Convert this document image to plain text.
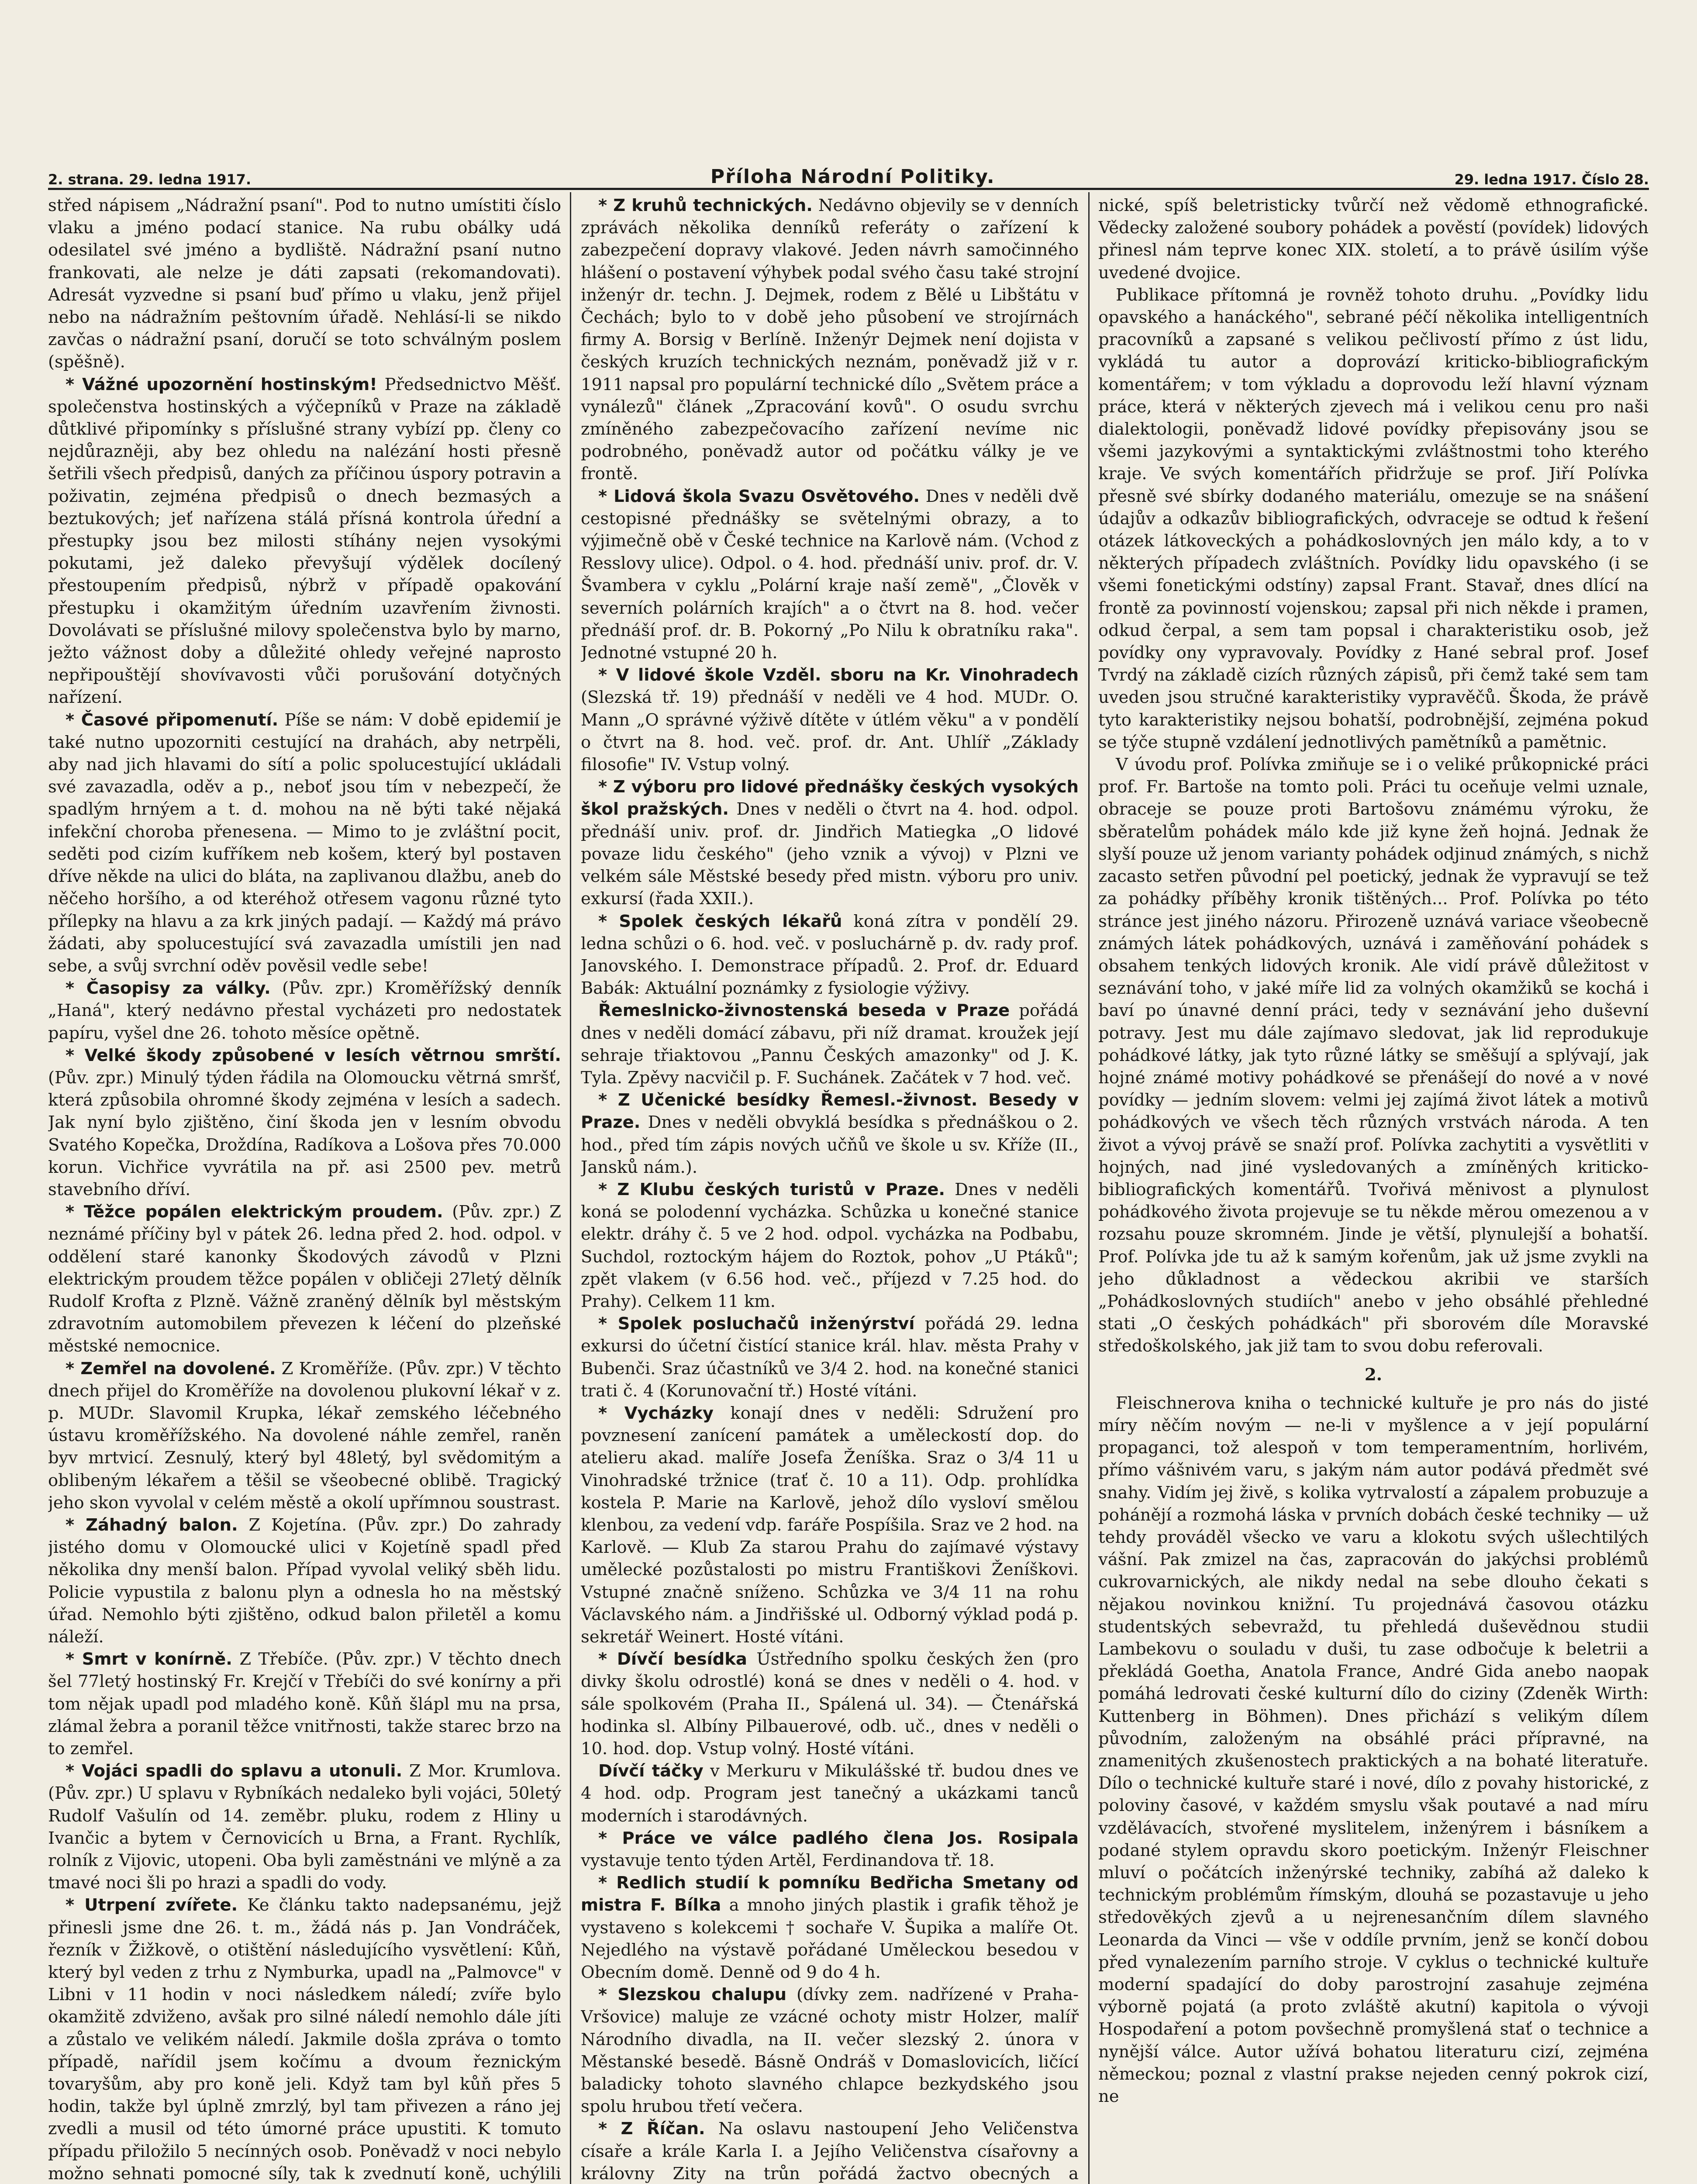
2. strana. 29. ledna 1917.	Příloha Národní Politiky.	29. ledna 1917. Číslo 28.

střed nápisem „Nádražní psaní". Pod to nutno umístiti číslo vlaku a jméno podací stanice. Na rubu obálky udá odesilatel své jméno a bydliště. Nádražní psaní nutno frankovati, ale nelze je dáti zapsati (rekomandovati). Adresát vyzvedne si psaní buď přímo u vlaku, jenž přijel nebo na nádražním peštovním úřadě. Nehlásí-li se nikdo zavčas o nádražní psaní, doručí se toto schválným poslem (spěšně).

* Vážné upozornění hostinským! Předsednictvo Měšť. společenstva hostinských a výčepníků v Praze na základě důtklivé připomínky s příslušné strany vybízí pp. členy co nejdůrazněji, aby bez ohledu na nalézání hosti přesně šetřili všech předpisů, daných za příčinou úspory potravin a poživatin, zejména předpisů o dnech bezmasých a beztukových; jeť nařízena stálá přísná kontrola úřední a přestupky jsou bez milosti stíhány nejen vysokými pokutami, jež daleko převyšují výdělek docílený přestoupením předpisů, nýbrž v případě opakování přestupku i okamžitým úředním uzavřením živnosti. Dovolávati se příslušné milovy společenstva bylo by marno, ježto vážnost doby a důležité ohledy veřejné naprosto nepřipouštějí shovívavosti vůči porušování dotyčných nařízení.

* Časové připomenutí. Píše se nám: V době epidemií je také nutno upozorniti cestující na drahách, aby netrpěli, aby nad jich hlavami do sítí a polic spolucestující ukládali své zavazadla, oděv a p., neboť jsou tím v nebezpečí, že spadlým hrnýem a t. d. mohou na ně býti také nějaká infekční choroba přenesena. — Mimo to je zvláštní pocit, seděti pod cizím kufříkem neb košem, který byl postaven dříve někde na ulici do bláta, na zaplivanou dlažbu, aneb do něčeho horšího, a od kteréhož otřesem vagonu různé tyto přílepky na hlavu a za krk jiných padají. — Každý má právo žádati, aby spolucestující svá zavazadla umístili jen nad sebe, a svůj svrchní oděv pověsil vedle sebe!

* Časopisy za války. (Pův. zpr.) Kroměřížský denník „Haná", který nedávno přestal vycházeti pro nedostatek papíru, vyšel dne 26. tohoto měsíce opětně.

* Velké škody způsobené v lesích větrnou smrští. (Pův. zpr.) Minulý týden řádila na Olomoucku větrná smršť, která způsobila ohromné škody zejména v lesích a sadech. Jak nyní bylo zjištěno, činí škoda jen v lesním obvodu Svatého Kopečka, Droždína, Radíkova a Lošova přes 70.000 korun. Vichřice vyvrátila na př. asi 2500 pev. metrů stavebního dříví.

* Těžce popálen elektrickým proudem. (Pův. zpr.) Z neznámé příčiny byl v pátek 26. ledna před 2. hod. odpol. v oddělení staré kanonky Škodových závodů v Plzni elektrickým proudem těžce popálen v obličeji 27letý dělník Rudolf Krofta z Plzně. Vážně zraněný dělník byl městským zdravotním automobilem převezen k léčení do plzeňské městské nemocnice.

* Zemřel na dovolené. Z Kroměříže. (Pův. zpr.) V těchto dnech přijel do Kroměříže na dovolenou plukovní lékař v z. p. MUDr. Slavomil Krupka, lékař zemského léčebného ústavu kroměřížského. Na dovolené náhle zemřel, raněn byv mrtvicí. Zesnulý, který byl 48letý, byl svědomitým a oblibeným lékařem a těšil se všeobecné oblibě. Tragický jeho skon vyvolal v celém městě a okolí upřímnou soustrast.

* Záhadný balon. Z Kojetína. (Pův. zpr.) Do zahrady jistého domu v Olomoucké ulici v Kojetíně spadl před několika dny menší balon. Případ vyvolal veliký sběh lidu. Policie vypustila z balonu plyn a odnesla ho na městský úřad. Nemohlo býti zjištěno, odkud balon přiletěl a komu náleží.

* Smrt v konírně. Z Třebíče. (Pův. zpr.) V těchto dnech šel 77letý hostinský Fr. Krejčí v Třebíči do své konírny a při tom nějak upadl pod mladého koně. Kůň šlápl mu na prsa, zlámal žebra a poranil těžce vnitřnosti, takže starec brzo na to zemřel.

* Vojáci spadli do splavu a utonuli. Z Mor. Krumlova. (Pův. zpr.) U splavu v Rybníkách nedaleko byli vojáci, 50letý Rudolf Vašulín od 14. zeměbr. pluku, rodem z Hliny u Ivančic a bytem v Černovicích u Brna, a Frant. Rychlík, rolník z Vijovic, utopeni. Oba byli zaměstnáni ve mlýně a za tmavé noci šli po hrazi a spadli do vody.

* Utrpení zvířete. Ke článku takto nadepsanému, jejž přinesli jsme dne 26. t. m., žádá nás p. Jan Vondráček, řezník v Žižkově, o otištění následujícího vysvětlení: Kůň, který byl veden z trhu z Nymburka, upadl na „Palmovce" v Libni v 11 hodin v noci následkem náledí; zvíře bylo okamžitě zdviženo, avšak pro silné náledí nemohlo dále jíti a zůstalo ve velikém náledí. Jakmile došla zpráva o tomto případě, nařídil jsem kočímu a dvoum řeznickým tovaryšům, aby pro koně jeli. Když tam byl kůň přes 5 hodin, takže byl úplně zmrzlý, byl tam přivezen a ráno jej zvedli a musil od této úmorné práce upustiti. K tomuto případu přiložilo 5 necínných osob. Poněvadž v noci nebylo možno sehnati pomocné síly, tak k zvednutí koně, uchýlili

* Z kruhů technických. Nedávno objevily se v denních zprávách několika denníků referáty o zařízení k zabezpečení dopravy vlakové. Jeden návrh samočinného hlášení o postavení výhybek podal svého času také strojní inženýr dr. techn. J. Dejmek, rodem z Bělé u Libštátu v Čechách; bylo to v době jeho působení ve strojírnách firmy A. Borsig v Berlíně. Inženýr Dejmek není dojista v českých kruzích technických neznám, poněvadž již v r. 1911 napsal pro populární technické dílo „Světem práce a vynálezů" článek „Zpracování kovů". O osudu svrchu zmíněného zabezpečovacího zařízení nevíme nic podrobného, poněvadž autor od počátku války je ve frontě.

* Lidová škola Svazu Osvětového. Dnes v neděli dvě cestopisné přednášky se světelnými obrazy, a to výjimečně obě v České technice na Karlově nám. (Vchod z Resslovy ulice). Odpol. o 4. hod. přednáší univ. prof. dr. V. Švambera v cyklu „Polární kraje naší země", „Člověk v severních polárních krajích" a o čtvrt na 8. hod. večer přednáší prof. dr. B. Pokorný „Po Nilu k obratníku raka". Jednotné vstupné 20 h.

* V lidové škole Vzděl. sboru na Kr. Vinohradech (Slezská tř. 19) přednáší v neděli ve 4 hod. MUDr. O. Mann „O správné výživě dítěte v útlém věku" a v pondělí o čtvrt na 8. hod. več. prof. dr. Ant. Uhlíř „Základy filosofie" IV. Vstup volný.

* Z výboru pro lidové přednášky českých vysokých škol pražských. Dnes v neděli o čtvrt na 4. hod. odpol. přednáší univ. prof. dr. Jindřich Matiegka „O lidové povaze lidu českého" (jeho vznik a vývoj) v Plzni ve velkém sále Městské besedy před mistn. výboru pro univ. exkursí (řada XXII.).

* Spolek českých lékařů koná zítra v pondělí 29. ledna schůzi o 6. hod. več. v posluchárně p. dv. rady prof. Janovského. I. Demonstrace případů. 2. Prof. dr. Eduard Babák: Aktuální poznámky z fysiologie výživy.

Řemeslnicko-živnostenská beseda v Praze pořádá dnes v neděli domácí zábavu, při níž dramat. kroužek její sehraje třiaktovou „Pannu Českých amazonky" od J. K. Tyla. Zpěvy nacvičil p. F. Suchánek. Začátek v 7 hod. več.

* Z Učenické besídky Řemesl.-živnost. Besedy v Praze. Dnes v neděli obvyklá besídka s přednáškou o 2. hod., před tím zápis nových učňů ve škole u sv. Kříže (II., Jansků nám.).

* Z Klubu českých turistů v Praze. Dnes v neděli koná se polodenní vycházka. Schůzka u konečné stanice elektr. dráhy č. 5 ve 2 hod. odpol. vycházka na Podbabu, Suchdol, roztockým hájem do Roztok, pohov „U Ptáků"; zpět vlakem (v 6.56 hod. več., příjezd v 7.25 hod. do Prahy). Celkem 11 km.

* Spolek posluchačů inženýrství pořádá 29. ledna exkursi do účetní čistící stanice král. hlav. města Prahy v Bubenči. Sraz účastníků ve 3/4 2. hod. na konečné stanici trati č. 4 (Korunovační tř.) Hosté vítáni.

* Vycházky konají dnes v neděli: Sdružení pro povznesení zanícení památek a uměleckostí dop. do atelieru akad. malíře Josefa Ženíška. Sraz o 3/4 11 u Vinohradské tržnice (trať č. 10 a 11). Odp. prohlídka kostela P. Marie na Karlově, jehož dílo vysloví smělou klenbou, za vedení vdp. faráře Pospíšila. Sraz ve 2 hod. na Karlově. — Klub Za starou Prahu do zajímavé výstavy umělecké pozůstalosti po mistru Františkovi Ženíškovi. Vstupné značně sníženo. Schůzka ve 3/4 11 na rohu Václavského nám. a Jindřišské ul. Odborný výklad podá p. sekretář Weinert. Hosté vítáni.

* Dívčí besídka Ústředního spolku českých žen (pro divky školu odrostlé) koná se dnes v neděli o 4. hod. v sále spolkovém (Praha II., Spálená ul. 34). — Čtenářská hodinka sl. Albíny Pilbauerové, odb. uč., dnes v neděli o 10. hod. dop. Vstup volný. Hosté vítáni.

Dívčí táčky v Merkuru v Mikulášské tř. budou dnes ve 4 hod. odp. Program jest tanečný a ukázkami tanců moderních i starodávných.

* Práce ve válce padlého člena Jos. Rosipala vystavuje tento týden Artěl, Ferdinandova tř. 18.

* Redlich studií k pomníku Bedřicha Smetany od mistra F. Bílka a mnoho jiných plastik i grafik těhož je vystaveno s kolekcemi † sochaře V. Šupika a malíře Ot. Nejedlého na výstavě pořádané Uměleckou besedou v Obecním domě. Denně od 9 do 4 h.

* Slezskou chalupu (dívky zem. nadřízené v Praha-Vršovice) maluje ze vzácné ochoty mistr Holzer, malíř Národního divadla, na II. večer slezský 2. února v Městanské besedě. Básně Ondráš v Domaslovicích, ličící baladicky tohoto slavného chlapce bezkydského jsou spolu hrubou třetí večera.

* Z Říčan. Na oslavu nastoupení Jeho Veličenstva císaře a krále Karla I. a Jejího Veličenstva císařovny a královny Zity na trůn pořádá žactvo obecných a

nické, spíš beletristicky tvůrčí než vědomě ethnografické. Vědecky založené soubory pohádek a pověstí (povídek) lidových přinesl nám teprve konec XIX. století, a to právě úsilím výše uvedené dvojice.

Publikace přítomná je rovněž tohoto druhu. „Povídky lidu opavského a hanáckého", sebrané péčí několika intelligentních pracovníků a zapsané s velikou pečlivostí přímo z úst lidu, vykládá tu autor a doprovází kriticko-bibliografickým komentářem; v tom výkladu a doprovodu leží hlavní význam práce, která v některých zjevech má i velikou cenu pro naši dialektologii, poněvadž lidové povídky přepisovány jsou se všemi jazykovými a syntaktickými zvláštnostmi toho kterého kraje. Ve svých komentářích přidržuje se prof. Jiří Polívka přesně své sbírky dodaného materiálu, omezuje se na snášení údajův a odkazův bibliografických, odvraceje se odtud k řešení otázek látkoveckých a pohádkoslovných jen málo kdy, a to v některých případech zvláštních. Povídky lidu opavského (i se všemi fonetickými odstíny) zapsal Frant. Stavař, dnes dlící na frontě za povinností vojenskou; zapsal při nich někde i pramen, odkud čerpal, a sem tam popsal i charakteristiku osob, jež povídky ony vypravovaly. Povídky z Hané sebral prof. Josef Tvrdý na základě cizích různých zápisů, při čemž také sem tam uveden jsou stručné karakteristiky vypravěčů. Škoda, že právě tyto karakteristiky nejsou bohatší, podrobnější, zejména pokud se týče stupně vzdálení jednotlivých pamětníků a pamětnic.

V úvodu prof. Polívka zmiňuje se i o veliké průkopnické práci prof. Fr. Bartoše na tomto poli. Práci tu oceňuje velmi uznale, obraceje se pouze proti Bartošovu známému výroku, že sběratelům pohádek málo kde již kyne žeň hojná. Jednak že slyší pouze už jenom varianty pohádek odjinud známých, s nichž zacasto setřen původní pel poetický, jednak že vypravují se tež za pohádky příběhy kronik tištěných... Prof. Polívka po této stránce jest jiného názoru. Přirozeně uznává variace všeobecně známých látek pohádkových, uznává i zaměňování pohádek s obsahem tenkých lidových kronik. Ale vidí právě důležitost v seznávání toho, v jaké míře lid za volných okamžiků se kochá i baví po únavné denní práci, tedy v seznávání jeho duševní potravy. Jest mu dále zajímavo sledovat, jak lid reprodukuje pohádkové látky, jak tyto různé látky se směšují a splývají, jak hojné známé motivy pohádkové se přenášejí do nové a v nové povídky — jedním slovem: velmi jej zajímá život látek a motivů pohádkových ve všech těch různých vrstvách národa. A ten život a vývoj právě se snaží prof. Polívka zachytiti a vysvětliti v hojných, nad jiné vysledovaných a zmíněných kriticko-bibliografických komentářů. Tvořivá měnivost a plynulost pohádkového života projevuje se tu někde měrou omezenou a v rozsahu pouze skromném. Jinde je větší, plynulejší a bohatší. Prof. Polívka jde tu až k samým kořenům, jak už jsme zvykli na jeho důkladnost a vědeckou akribii ve starších „Pohádkoslovných studiích" anebo v jeho obsáhlé přehledné stati „O českých pohádkách" při sborovém díle Moravské středoškolského, jak již tam to svou dobu referovali.

2.

Fleischnerova kniha o technické kultuře je pro nás do jisté míry něčím novým — ne-li v myšlence a v její populární propaganci, tož alespoň v tom temperamentním, horlivém, přímo vášnivém varu, s jakým nám autor podává předmět své snahy. Vidím jej živě, s kolika vytrvalostí a zápalem probuzuje a pohánějí a rozmohá láska v prvních dobách české techniky — už tehdy prováděl všecko ve varu a klokotu svých ušlechtilých vášní. Pak zmizel na čas, zapracován do jakýchsi problémů cukrovarnických, ale nikdy nedal na sebe dlouho čekati s nějakou novinkou knižní. Tu projednává časovou otázku studentských sebevražd, tu přehledá duševědnou studii Lambekovu o souladu v duši, tu zase odbočuje k beletrii a překládá Goetha, Anatola France, André Gida anebo naopak pomáhá ledrovati české kulturní dílo do ciziny (Zdeněk Wirth: Kuttenberg in Böhmen). Dnes přichází s velikým dílem původním, založeným na obsáhlé práci přípravné, na znamenitých zkušenostech praktických a na bohaté literatuře. Dílo o technické kultuře staré i nové, dílo z povahy historické, z poloviny časové, v každém smyslu však poutavé a nad míru vzdělávacích, stvořené myslitelem, inženýrem i básníkem a podané stylem opravdu skoro poetickým. Inženýr Fleischner mluví o počátcích inženýrské techniky, zabíhá až daleko k technickým problémům římským, dlouhá se pozastavuje u jeho středověkých zjevů a u nejrenesančním dílem slavného Leonarda da Vinci — vše v oddíle prvním, jenž se končí dobou před vynalezením parního stroje. V cyklus o technické kultuře moderní spadající do doby parostrojní zasahuje zejména výborně pojatá (a proto zvláště akutní) kapitola o vývoji Hospodaření a potom povšechně promyšlená stať o technice a nynější válce. Autor užívá bohatou literaturu cizí, zejména německou; poznal z vlastní prakse nejeden cenný pokrok cizí, ne
